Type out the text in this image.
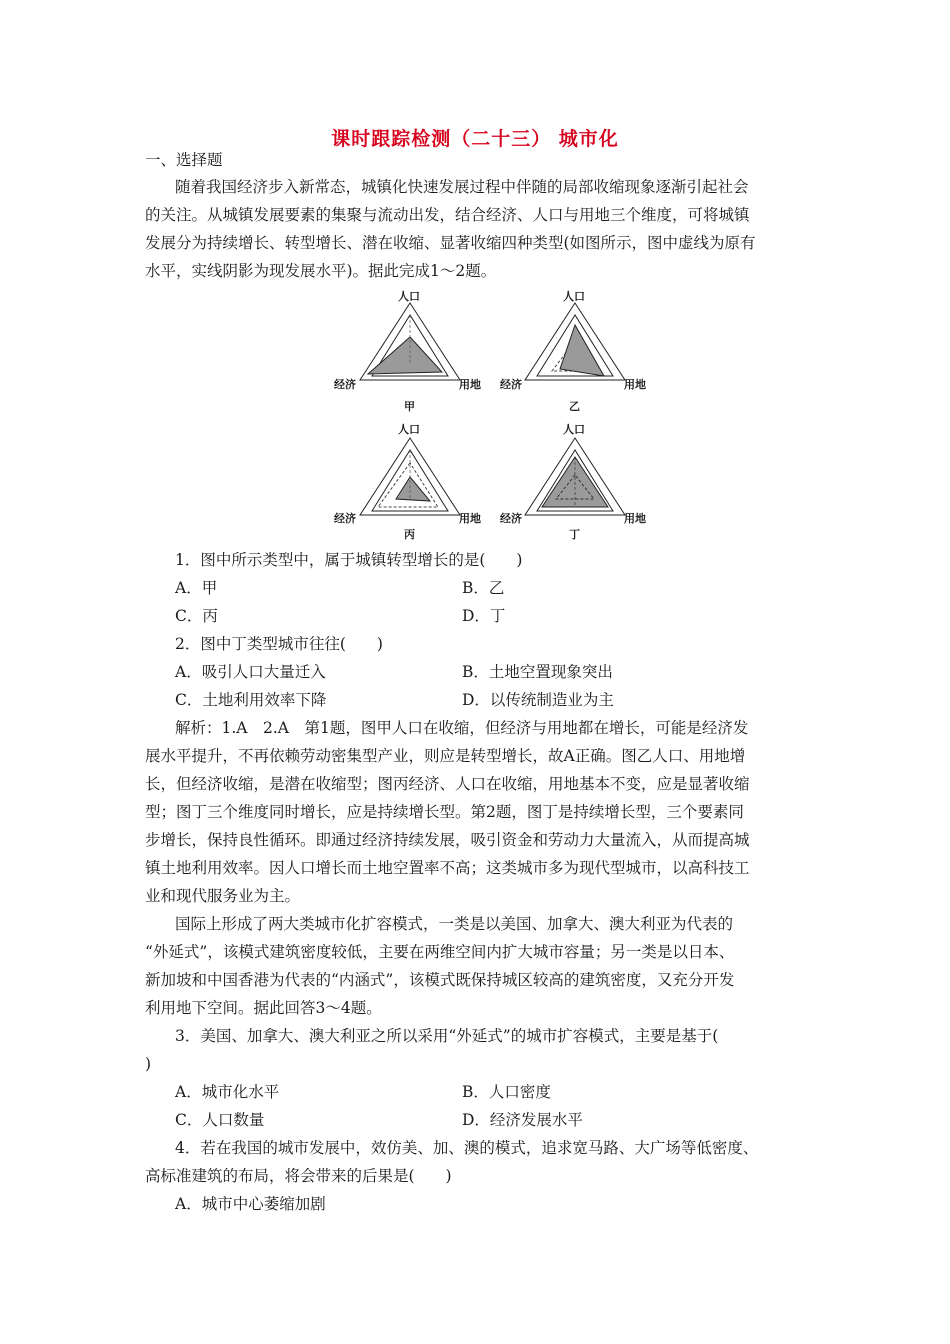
课时跟踪检测（二十三） 城市化
一、选择题
随着我国经济步入新常态，城镇化快速发展过程中伴随的局部收缩现象逐渐引起社会
的关注。从城镇发展要素的集聚与流动出发，结合经济、人口与用地三个维度，可将城镇
发展分为持续增长、转型增长、潜在收缩、显著收缩四种类型(如图所示，图中虚线为原有
水平，实线阴影为现发展水平)。据此完成1～2题。
人口
经济	用地
甲
人口
经济	用地
乙
人口
经济	用地
丙
人口
经济	用地
丁
1．图中所示类型中，属于城镇转型增长的是(　　)
A．甲	B．乙
C．丙	D．丁
2．图中丁类型城市往往(　　)
A．吸引人口大量迁入	B．土地空置现象突出
C．土地利用效率下降	D．以传统制造业为主
解析：1.A　2.A　第1题，图甲人口在收缩，但经济与用地都在增长，可能是经济发
展水平提升，不再依赖劳动密集型产业，则应是转型增长，故A正确。图乙人口、用地增
长，但经济收缩，是潜在收缩型；图丙经济、人口在收缩，用地基本不变，应是显著收缩
型；图丁三个维度同时增长，应是持续增长型。第2题，图丁是持续增长型，三个要素同
步增长，保持良性循环。即通过经济持续发展，吸引资金和劳动力大量流入，从而提高城
镇土地利用效率。因人口增长而土地空置率不高；这类城市多为现代型城市，以高科技工
业和现代服务业为主。
国际上形成了两大类城市化扩容模式，一类是以美国、加拿大、澳大利亚为代表的
“外延式”，该模式建筑密度较低，主要在两维空间内扩大城市容量；另一类是以日本、
新加坡和中国香港为代表的“内涵式”，该模式既保持城区较高的建筑密度，又充分开发
利用地下空间。据此回答3～4题。
3．美国、加拿大、澳大利亚之所以采用“外延式”的城市扩容模式，主要是基于(
)
A．城市化水平	B．人口密度
C．人口数量	D．经济发展水平
4．若在我国的城市发展中，效仿美、加、澳的模式，追求宽马路、大广场等低密度、
高标准建筑的布局，将会带来的后果是(　　)
A．城市中心萎缩加剧
